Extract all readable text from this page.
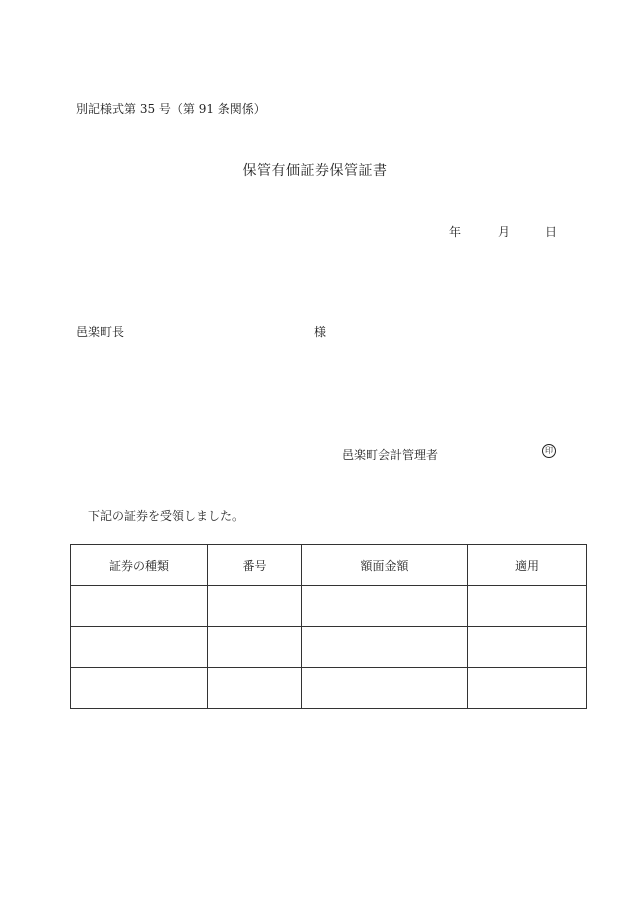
別記様式第 35 号（第 91 条関係）
保管有価証券保管証書
年	月	日
邑楽町長	様
邑楽町会計管理者	印
下記の証券を受領しました。
証券の種類	番号	額面金額	適用
